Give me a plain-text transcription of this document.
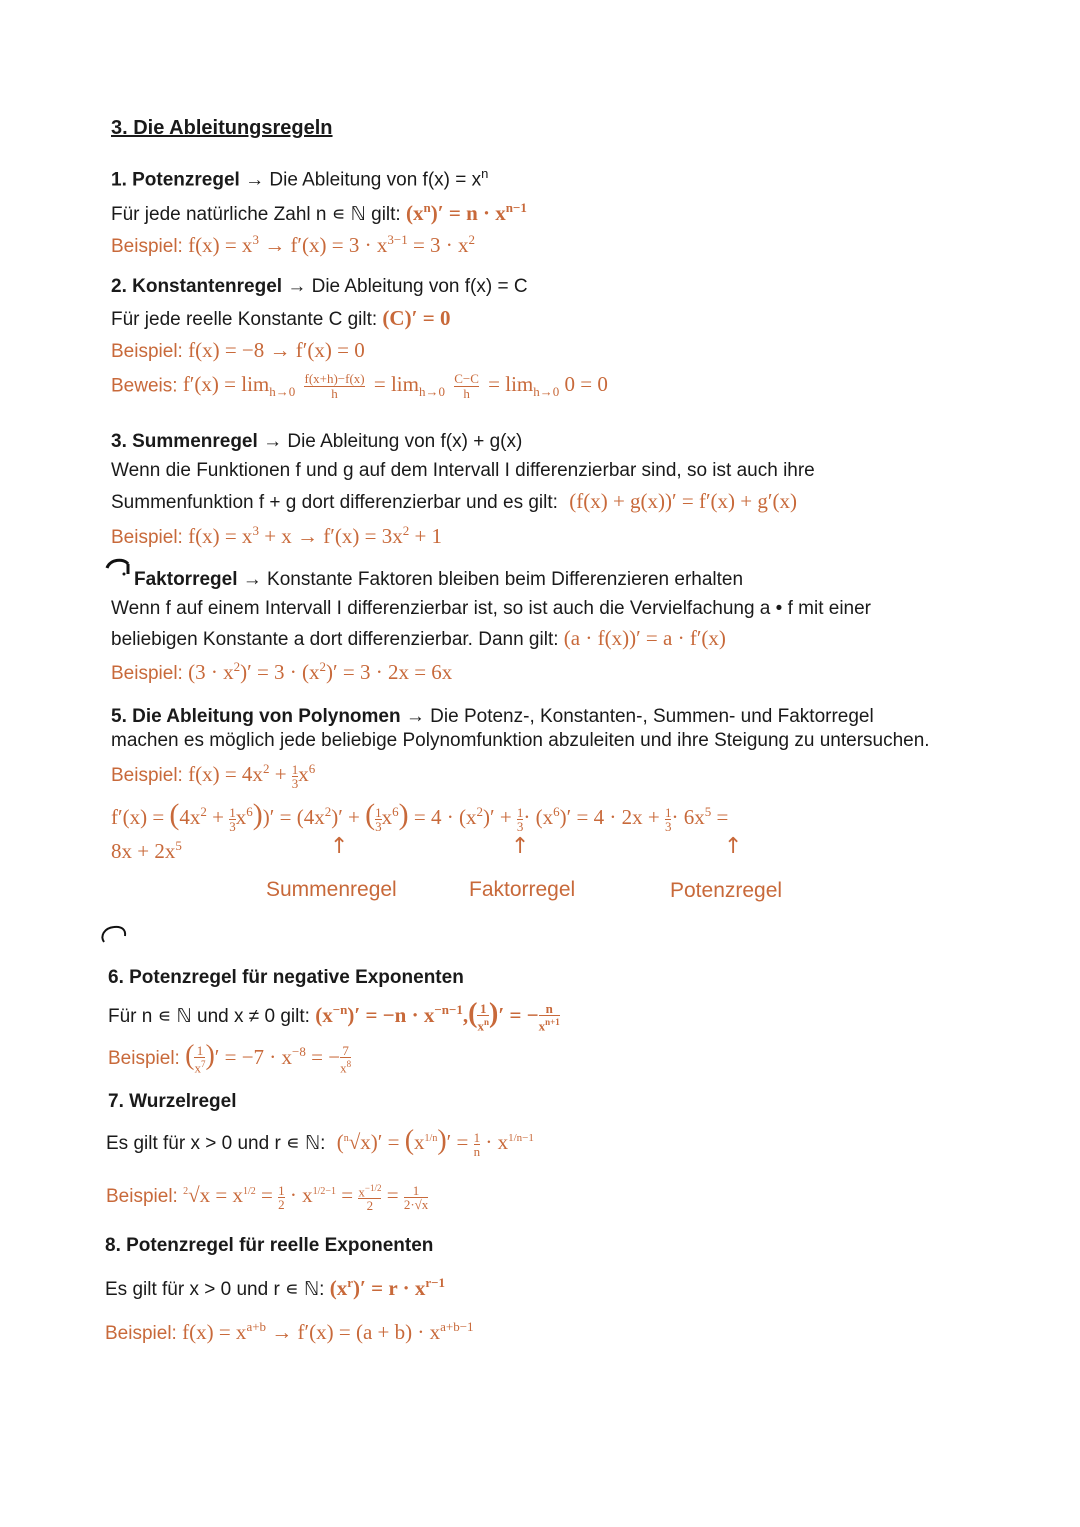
3. Die Ableitungsregeln
1. Potenzregel → Die Ableitung von $f(x) = x^n$
Für jede natürliche Zahl n ∊ ℕ gilt: $(x^n)' = n \cdot x^{n-1}$
Beispiel: $f(x) = x^3 \to f'(x) = 3 \cdot x^{3-1} = 3 \cdot x^2$
2. Konstantenregel → Die Ableitung von f(x) = C
Für jede reelle Konstante C gilt: (C)′ = 0
Beispiel: f(x) = −8 → f′(x) = 0
Beweis: $f'(x) = \lim_{h\to 0} \frac{f(x+h)-f(x)}{h} = \lim_{h\to 0} \frac{C-C}{h} = \lim_{h\to 0} 0 = 0$
3. Summenregel → Die Ableitung von f(x) + g(x)
Wenn die Funktionen f und g auf dem Intervall I differenzierbar sind, so ist auch ihre
Summenfunktion f + g dort differenzierbar und es gilt: (f(x) + g(x))′ = f′(x) + g′(x)
Beispiel: $f(x) = x^3 + x \to f'(x) = 3x^2 + 1$
Faktorregel → Konstante Faktoren bleiben beim Differenzieren erhalten
Wenn f auf einem Intervall I differenzierbar ist, so ist auch die Vervielfachung a • f mit einer
beliebigen Konstante a dort differenzierbar. Dann gilt: (a · f(x))′ = a · f′(x)
Beispiel: $(3 \cdot x^2)' = 3 \cdot (x^2)' = 3 \cdot 2x = 6x$
5. Die Ableitung von Polynomen → Die Potenz-, Konstanten-, Summen- und Faktorregel
machen es möglich jede beliebige Polynomfunktion abzuleiten und ihre Steigung zu untersuchen.
Beispiel: $f(x) = 4x^2 + \frac{1}{3} x^6$
$f'(x) = (4x^2 + \frac{1}{3} x^6))' = (4x^2)'$ + ( $\frac{1}{3} x^6) = 4 \cdot (x^2)' + \frac{1}{3} \cdot (x^6)' = 4 \cdot 2x + \frac{1}{3} \cdot 6x^5$ =
$8x + 2x^5$	↑	↑	↑
Summenregel	Faktorregel	Potenzregel
6. Potenzregel für negative Exponenten
Für n ∊ ℕ und x ≠ 0 gilt: $(x^{-n})' = -n \cdot x^{-n-1},( \frac{1}{x^n}$ )′ = − $\frac{n}{x^{n+1}}$
Beispiel: ( $\frac{1}{x^7}$ )′ = $-7 \cdot x^{-8}$ = − $\frac{7}{x^8}$
7. Wurzelregel
Es gilt für x > 0 und r ∊ ℕ: $(^n√x)' = (x^{1/n})' = \frac{1}{n} \cdot x^{1/n-1}$
Beispiel: $^2√x = x^{1/2} = \frac{1}{2} \cdot x^{1/2-1} = \frac{x^{-1/2}}{2} = \frac{1}{2\cdot√x}$
8. Potenzregel für reelle Exponenten
Es gilt für x > 0 und r ∊ ℕ: $(x^r)' = r \cdot x^{r-1}$
Beispiel: $f(x) = x^{a+b} \to f'(x) = (a + b) \cdot x^{a+b-1}$
